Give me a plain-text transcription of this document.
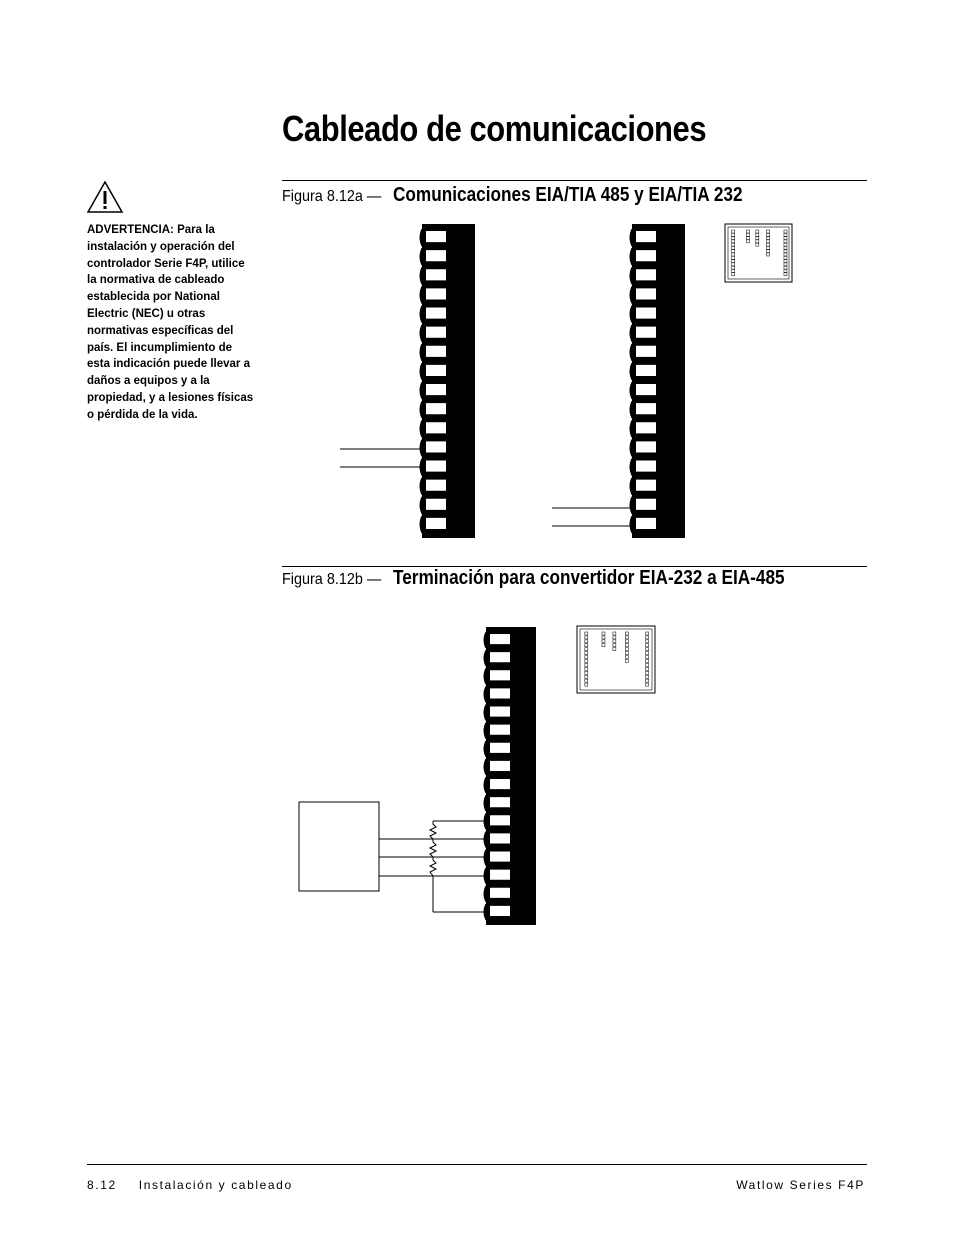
Cableado de comunicaciones
ADVERTENCIA: Para la instalación y operación del controlador Serie F4P, utilice la normativa de cableado establecida por National Electric (NEC) u otras normativas específicas del país. El incumplimiento de esta indicación puede llevar a daños a equipos y a la propiedad, y a lesiones físicas o pérdida de la vida.
Figura 8.12a — Comunicaciones EIA/TIA 485 y EIA/TIA 232
Figura 8.12b — Terminación para convertidor EIA-232 a EIA-485
8.12 Instalación y cableado	Watlow Series F4P
